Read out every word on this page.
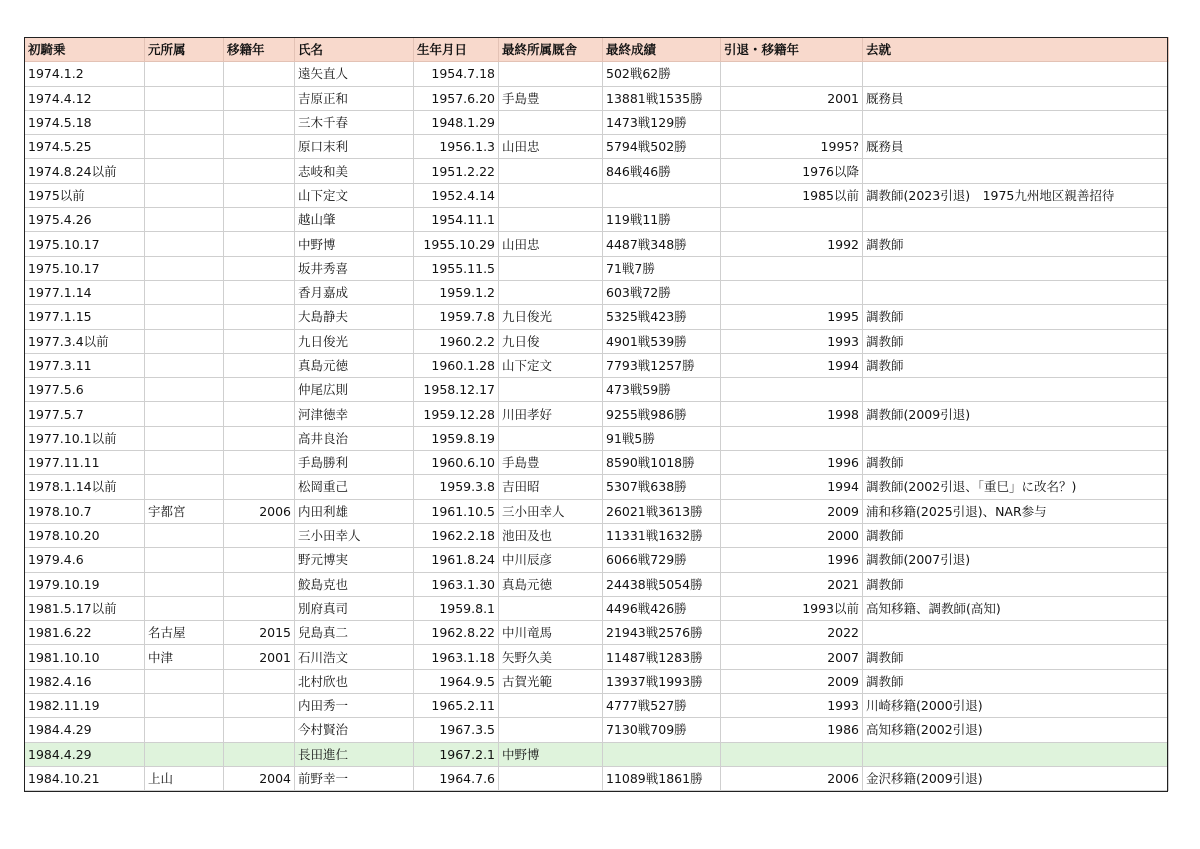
初騎乗	元所属	移籍年	氏名	生年月日	最終所属厩舎	最終成績	引退・移籍年	去就
1974.1.2			遠矢直人	1954.7.18		502戦62勝		
1974.4.12			吉原正和	1957.6.20	手島豊	13881戦1535勝	2001	厩務員
1974.5.18			三木千春	1948.1.29		1473戦129勝		
1974.5.25			原口末利	1956.1.3	山田忠	5794戦502勝	1995?	厩務員
1974.8.24以前			志岐和美	1951.2.22		846戦46勝	1976以降	
1975以前			山下定文	1952.4.14			1985以前	調教師(2023引退)　1975九州地区親善招待
1975.4.26			越山肇	1954.11.1		119戦11勝		
1975.10.17			中野博	1955.10.29	山田忠	4487戦348勝	1992	調教師
1975.10.17			坂井秀喜	1955.11.5		71戦7勝		
1977.1.14			香月嘉成	1959.1.2		603戦72勝		
1977.1.15			大島静夫	1959.7.8	九日俊光	5325戦423勝	1995	調教師
1977.3.4以前			九日俊光	1960.2.2	九日俊	4901戦539勝	1993	調教師
1977.3.11			真島元徳	1960.1.28	山下定文	7793戦1257勝	1994	調教師
1977.5.6			仲尾広則	1958.12.17		473戦59勝		
1977.5.7			河津徳幸	1959.12.28	川田孝好	9255戦986勝	1998	調教師(2009引退)
1977.10.1以前			高井良治	1959.8.19		91戦5勝		
1977.11.11			手島勝利	1960.6.10	手島豊	8590戦1018勝	1996	調教師
1978.1.14以前			松岡重己	1959.3.8	吉田昭	5307戦638勝	1994	調教師(2002引退、「重巳」に改名？)
1978.10.7	宇都宮	2006	内田利雄	1961.10.5	三小田幸人	26021戦3613勝	2009	浦和移籍(2025引退)、NAR参与
1978.10.20			三小田幸人	1962.2.18	池田及也	11331戦1632勝	2000	調教師
1979.4.6			野元博実	1961.8.24	中川辰彦	6066戦729勝	1996	調教師(2007引退)
1979.10.19			鮫島克也	1963.1.30	真島元徳	24438戦5054勝	2021	調教師
1981.5.17以前			別府真司	1959.8.1		4496戦426勝	1993以前	高知移籍、調教師(高知)
1981.6.22	名古屋	2015	兒島真二	1962.8.22	中川竜馬	21943戦2576勝	2022	
1981.10.10	中津	2001	石川浩文	1963.1.18	矢野久美	11487戦1283勝	2007	調教師
1982.4.16			北村欣也	1964.9.5	古賀光範	13937戦1993勝	2009	調教師
1982.11.19			内田秀一	1965.2.11		4777戦527勝	1993	川崎移籍(2000引退)
1984.4.29			今村賢治	1967.3.5		7130戦709勝	1986	高知移籍(2002引退)
1984.4.29			長田進仁	1967.2.1	中野博			
1984.10.21	上山	2004	前野幸一	1964.7.6		11089戦1861勝	2006	金沢移籍(2009引退)
